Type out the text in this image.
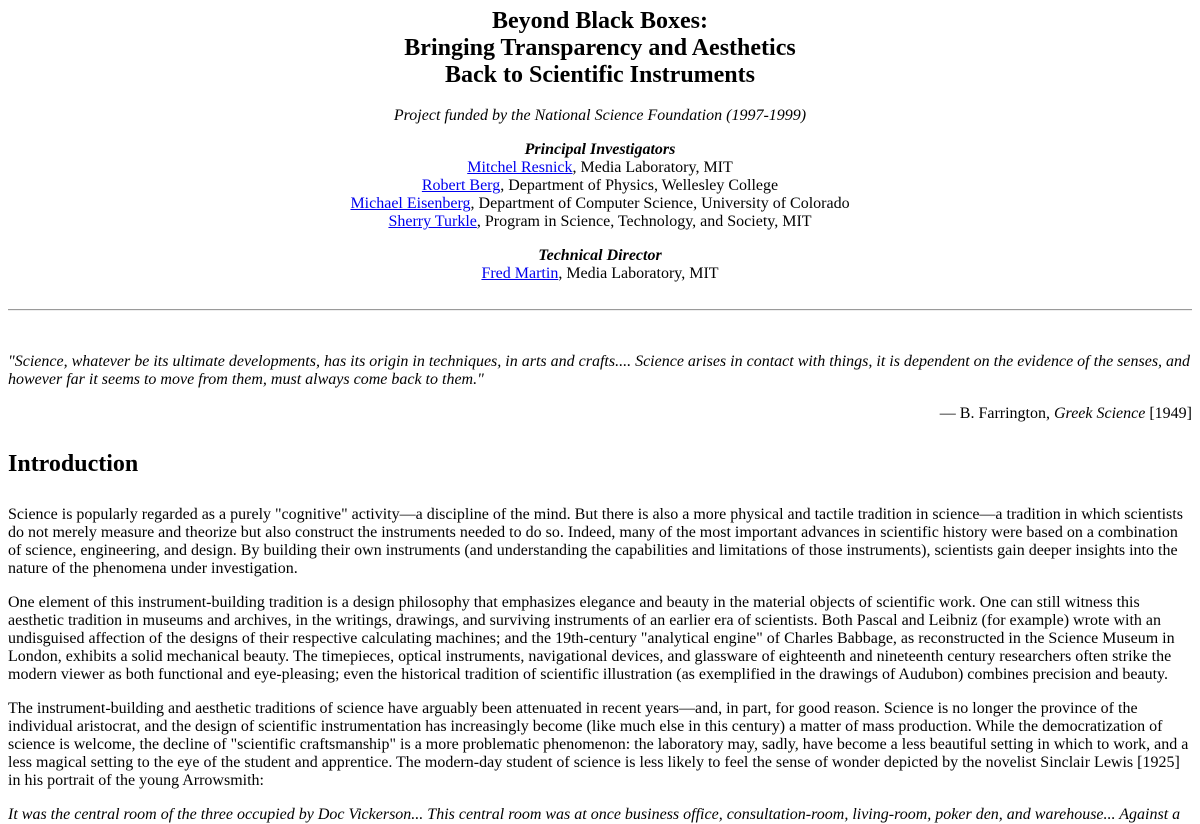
Beyond Black Boxes:
Bringing Transparency and Aesthetics
Back to Scientific Instruments
Project funded by the National Science Foundation (1997-1999)
Principal Investigators
Mitchel Resnick, Media Laboratory, MIT
Robert Berg, Department of Physics, Wellesley College
Michael Eisenberg, Department of Computer Science, University of Colorado
Sherry Turkle, Program in Science, Technology, and Society, MIT
Technical Director
Fred Martin, Media Laboratory, MIT
"Science, whatever be its ultimate developments, has its origin in techniques, in arts and crafts.... Science arises in contact with things, it is dependent on the evidence of the senses, and however far it seems to move from them, must always come back to them."
— B. Farrington, Greek Science [1949]
Introduction

Science is popularly regarded as a purely "cognitive" activity—a discipline of the mind. But there is also a more physical and tactile tradition in science—a tradition in which scientists do not merely measure and theorize but also construct the instruments needed to do so. Indeed, many of the most important advances in scientific history were based on a combination of science, engineering, and design. By building their own instruments (and understanding the capabilities and limitations of those instruments), scientists gain deeper insights into the nature of the phenomena under investigation.

One element of this instrument-building tradition is a design philosophy that emphasizes elegance and beauty in the material objects of scientific work. One can still witness this aesthetic tradition in museums and archives, in the writings, drawings, and surviving instruments of an earlier era of scientists. Both Pascal and Leibniz (for example) wrote with an undisguised affection of the designs of their respective calculating machines; and the 19th-century "analytical engine" of Charles Babbage, as reconstructed in the Science Museum in London, exhibits a solid mechanical beauty. The timepieces, optical instruments, navigational devices, and glassware of eighteenth and nineteenth century researchers often strike the modern viewer as both functional and eye-pleasing; even the historical tradition of scientific illustration (as exemplified in the drawings of Audubon) combines precision and beauty.

The instrument-building and aesthetic traditions of science have arguably been attenuated in recent years—and, in part, for good reason. Science is no longer the province of the individual aristocrat, and the design of scientific instrumentation has increasingly become (like much else in this century) a matter of mass production. While the democratization of science is welcome, the decline of "scientific craftsmanship" is a more problematic phenomenon: the laboratory may, sadly, have become a less beautiful setting in which to work, and a less magical setting to the eye of the student and apprentice. The modern-day student of science is less likely to feel the sense of wonder depicted by the novelist Sinclair Lewis [1925] in his portrait of the young Arrowsmith:

It was the central room of the three occupied by Doc Vickerson... This central room was at once business office, consultation-room, living-room, poker den, and warehouse... Against a
